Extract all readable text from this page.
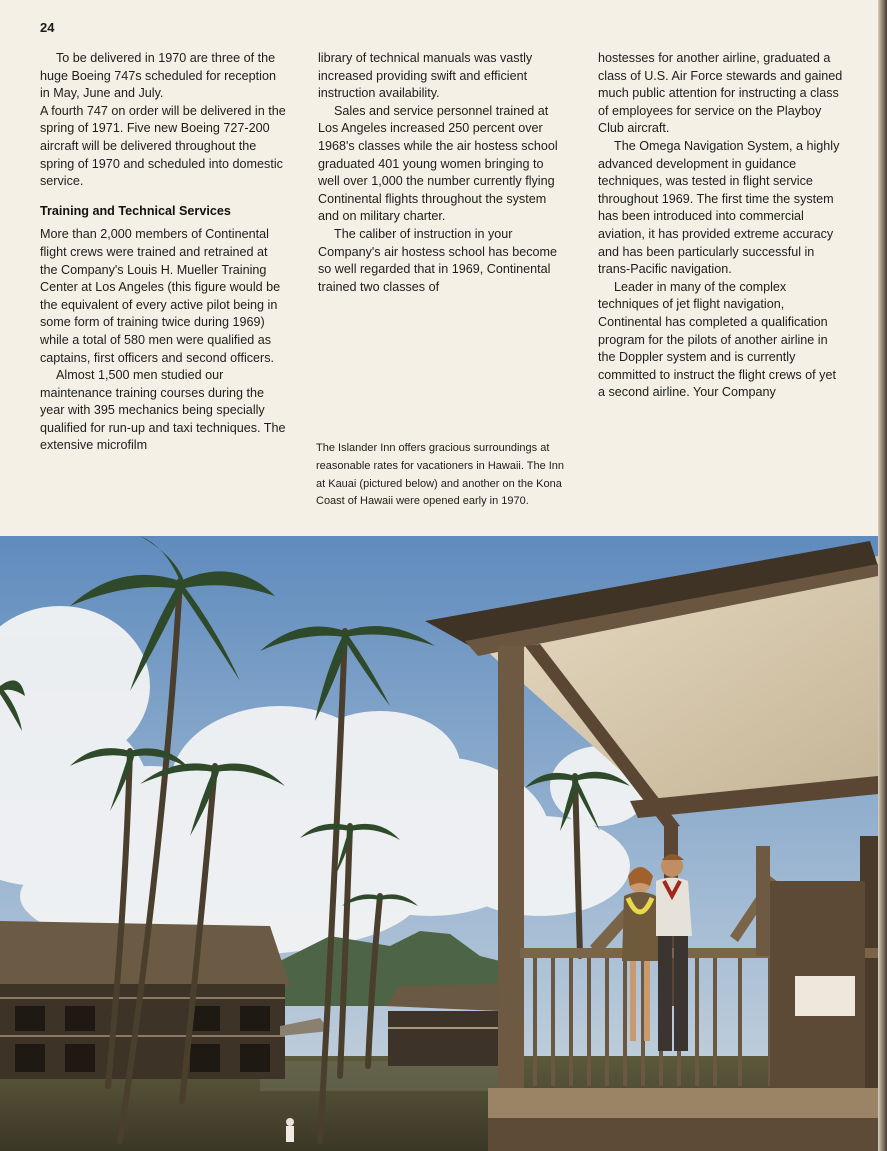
24

To be delivered in 1970 are three of the huge Boeing 747s scheduled for reception in May, June and July.

A fourth 747 on order will be delivered in the spring of 1971. Five new Boeing 727-200 aircraft will be delivered throughout the spring of 1970 and scheduled into domestic service.

Training and Technical Services

More than 2,000 members of Continental flight crews were trained and retrained at the Company's Louis H. Mueller Training Center at Los Angeles (this figure would be the equivalent of every active pilot being in some form of training twice during 1969) while a total of 580 men were qualified as captains, first officers and second officers.

Almost 1,500 men studied our maintenance training courses during the year with 395 mechanics being specially qualified for run-up and taxi techniques. The extensive microfilm

library of technical manuals was vastly increased providing swift and efficient instruction availability.

Sales and service personnel trained at Los Angeles increased 250 percent over 1968's classes while the air hostess school graduated 401 young women bringing to well over 1,000 the number currently flying Continental flights throughout the system and on military charter.

The caliber of instruction in your Company's air hostess school has become so well regarded that in 1969, Continental trained two classes of

hostesses for another airline, graduated a class of U.S. Air Force stewards and gained much public attention for instructing a class of employees for service on the Playboy Club aircraft.

The Omega Navigation System, a highly advanced development in guidance techniques, was tested in flight service throughout 1969. The first time the system has been introduced into commercial aviation, it has provided extreme accuracy and has been particularly successful in trans-Pacific navigation.

Leader in many of the complex techniques of jet flight navigation, Continental has completed a qualification program for the pilots of another airline in the Doppler system and is currently committed to instruct the flight crews of yet a second airline. Your Company

The Islander Inn offers gracious surroundings at reasonable rates for vacationers in Hawaii. The Inn at Kauai (pictured below) and another on the Kona Coast of Hawaii were opened early in 1970.
